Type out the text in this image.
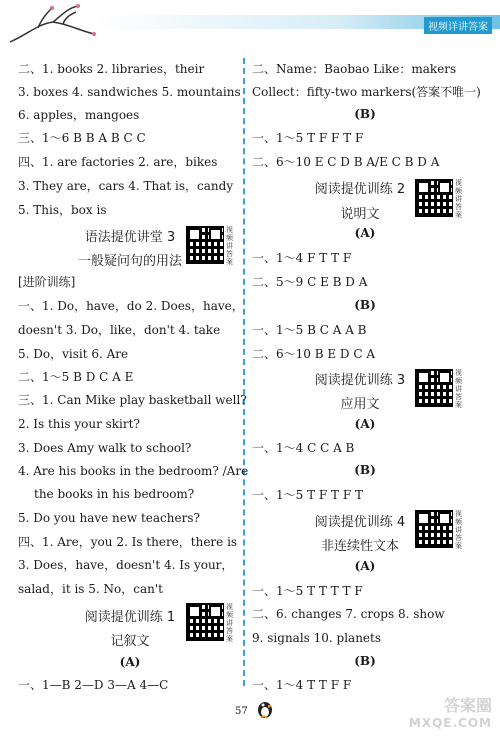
视频详讲答案
二、1. books 2. libraries，their
3. boxes 4. sandwiches 5. mountains
6. apples，mangoes
三、1～6 B B A B C C
四、1. are factories 2. are，bikes
3. They are，cars 4. That is，candy
5. This，box is
语法提优讲堂 3
一般疑问句的用法
视频讲答案
[进阶训练]
一、1. Do，have，do 2. Does，have，
doesn't 3. Do，like，don't 4. take
5. Do，visit 6. Are
二、1～5 B D C A E
三、1. Can Mike play basketball well?
2. Is this your skirt?
3. Does Amy walk to school?
4. Are his books in the bedroom? /Are
the books in his bedroom?
5. Do you have new teachers?
四、1. Are，you 2. Is there，there is
3. Does，have，doesn't 4. Is your，
salad，it is 5. No，can't
阅读提优训练 1
记叙文
视频讲答案
(A)
一、1—B 2—D 3—A 4—C
二、Name：Baobao Like：makers
Collect：fifty-two markers(答案不唯一)
(B)
一、1～5 T F F T F
二、6～10 E C D B A/E C B D A
阅读提优训练 2
说明文
视频讲答案
(A)
一、1～4 F T T F
二、5～9 C E B D A
(B)
一、1～5 B C A A B
二、6～10 B E D C A
阅读提优训练 3
应用文
视频讲答案
(A)
一、1～4 C C A B
(B)
一、1～5 T F T F T
阅读提优训练 4
非连续性文本
视频讲答案
(A)
一、1～5 T T T T F
二、6. changes 7. crops 8. show
9. signals 10. planets
(B)
一、1～4 T T F F
57	答案圈
MXQE.COM
